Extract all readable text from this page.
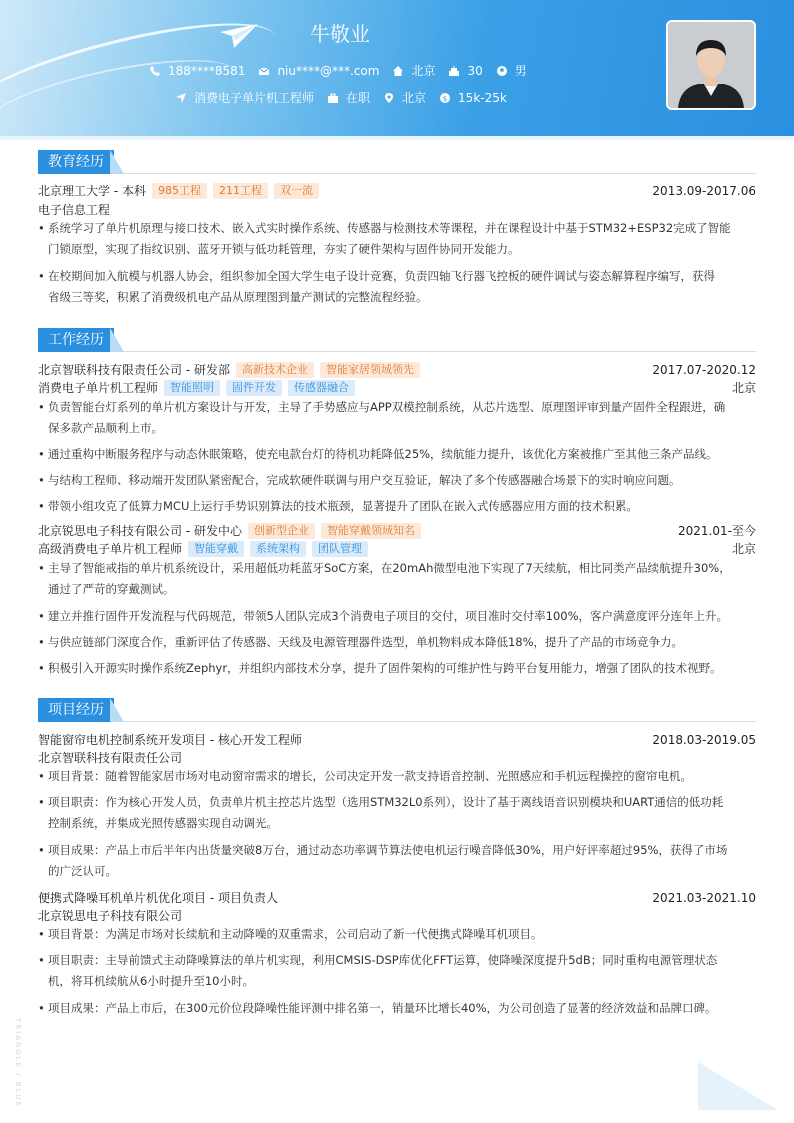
牛敬业
188****8581	niu****@***.com	北京	30	男
消费电子单片机工程师	在职	北京 $ 15k-25k
教育经历
北京理工大学 - 本科	985工程	211工程	双一流	2013.09-2017.06
电子信息工程
• 系统学习了单片机原理与接口技术、嵌入式实时操作系统、传感器与检测技术等课程，并在课程设计中基于STM32+ESP32完成了智能
门锁原型，实现了指纹识别、蓝牙开锁与低功耗管理，夯实了硬件架构与固件协同开发能力。
• 在校期间加入航模与机器人协会，组织参加全国大学生电子设计竞赛，负责四轴飞行器飞控板的硬件调试与姿态解算程序编写，获得
省级三等奖，积累了消费级机电产品从原理图到量产测试的完整流程经验。
工作经历
北京智联科技有限责任公司 - 研发部	高新技术企业	智能家居领域领先	2017.07-2020.12
消费电子单片机工程师	智能照明	固件开发	传感器融合	北京
• 负责智能台灯系列的单片机方案设计与开发，主导了手势感应与APP双模控制系统，从芯片选型、原理图评审到量产固件全程跟进，确
保多款产品顺利上市。
• 通过重构中断服务程序与动态休眠策略，使充电款台灯的待机功耗降低25%，续航能力提升，该优化方案被推广至其他三条产品线。
• 与结构工程师、移动端开发团队紧密配合，完成软硬件联调与用户交互验证，解决了多个传感器融合场景下的实时响应问题。
• 带领小组攻克了低算力MCU上运行手势识别算法的技术瓶颈，显著提升了团队在嵌入式传感器应用方面的技术积累。
北京锐思电子科技有限公司 - 研发中心	创新型企业	智能穿戴领域知名	2021.01-至今
高级消费电子单片机工程师	智能穿戴	系统架构	团队管理	北京
• 主导了智能戒指的单片机系统设计，采用超低功耗蓝牙SoC方案，在20mAh微型电池下实现了7天续航，相比同类产品续航提升30%，
通过了严苛的穿戴测试。
• 建立并推行固件开发流程与代码规范，带领5人团队完成3个消费电子项目的交付，项目准时交付率100%，客户满意度评分连年上升。
• 与供应链部门深度合作，重新评估了传感器、天线及电源管理器件选型，单机物料成本降低18%，提升了产品的市场竞争力。
• 积极引入开源实时操作系统Zephyr，并组织内部技术分享，提升了固件架构的可维护性与跨平台复用能力，增强了团队的技术视野。
项目经历
智能窗帘电机控制系统开发项目 - 核心开发工程师	2018.03-2019.05
北京智联科技有限责任公司
• 项目背景：随着智能家居市场对电动窗帘需求的增长，公司决定开发一款支持语音控制、光照感应和手机远程操控的窗帘电机。
• 项目职责：作为核心开发人员，负责单片机主控芯片选型（选用STM32L0系列），设计了基于离线语音识别模块和UART通信的低功耗
控制系统，并集成光照传感器实现自动调光。
• 项目成果：产品上市后半年内出货量突破8万台，通过动态功率调节算法使电机运行噪音降低30%，用户好评率超过95%，获得了市场
的广泛认可。
便携式降噪耳机单片机优化项目 - 项目负责人	2021.03-2021.10
北京锐思电子科技有限公司
• 项目背景：为满足市场对长续航和主动降噪的双重需求，公司启动了新一代便携式降噪耳机项目。
• 项目职责：主导前馈式主动降噪算法的单片机实现，利用CMSIS-DSP库优化FFT运算，使降噪深度提升5dB；同时重构电源管理状态
机，将耳机续航从6小时提升至10小时。
• 项目成果：产品上市后，在300元价位段降噪性能评测中排名第一，销量环比增长40%，为公司创造了显著的经济效益和品牌口碑。
TRIANGLE / BLUE
